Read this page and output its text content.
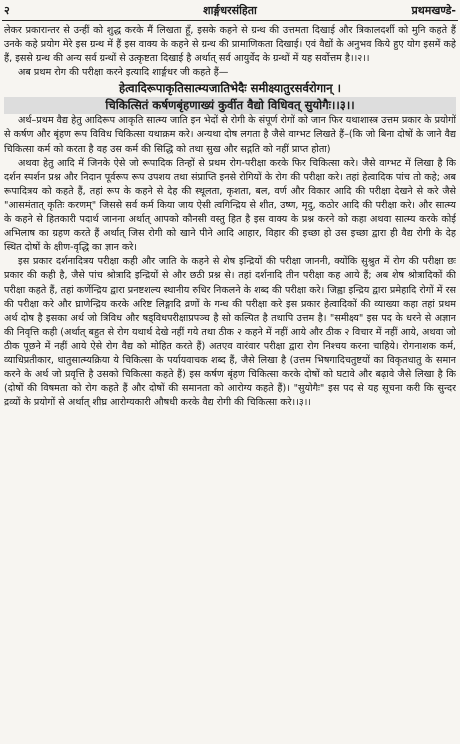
२	शार्ङ्गधरसंहिता	प्रथमखण्डे-

लेकर प्रकारान्तर से उन्हीं को शुद्ध करके मैं लिखता हूँ, इसके कहने से ग्रन्थ की उत्तमता दिखाई और त्रिकालदर्शी को मुनि कहते हैं उनके कहे प्रयोग मेरे इस ग्रन्थ में हैं इस वाक्य के कहने से ग्रन्थ की प्रामाणिकता दिखाई। एवं वैद्यों के अनुभव किये हुए योग इसमें कहे हैं, इससे ग्रन्थ की अन्य सर्व ग्रन्थों से उत्कृष्टता दिखाई है अर्थात् सर्व आयुर्वेद के ग्रन्थों में यह सर्वोत्तम है।।२।।

अब प्रथम रोग की परीक्षा करने इत्यादि शार्ङ्गधर जी कहते हैं—

हेत्वादिरूपाकृतिसात्म्यजातिभेदैः समीक्ष्यातुरसर्वरोगान् ।
चिकित्सितं कर्षणबृंहणाख्यं कुर्वीत वैद्यो विधिवत् सुयोगैः।।३।।

अर्थ–प्रथम वैद्य हेतु आदिरूप आकृति सात्म्य जाति इन भेदों से रोगी के संपूर्ण रोगों को जान फिर यथाशास्त्र उत्तम प्रकार के प्रयोगों से कर्षण और बृंहण रूप विविध चिकित्सा यथाक्रम करे। अन्यथा दोष लगता है जैसे वाग्भट लिखते हैं–(कि जो बिना दोषों के जाने वैद्य चिकित्सा कर्म को करता है वह उस कर्म की सिद्धि को तथा सुख और सद्गति को नहीं प्राप्त होता)

अथवा हेतु आदि में जिनके ऐसे जो रूपादिक तिन्हों से प्रथम रोग-परीक्षा करके फिर चिकित्सा करे। जैसे वाग्भट में लिखा है कि दर्शन स्पर्शन प्रश्न और निदान पूर्वरूप रूप उपशय तथा संप्राप्ति इनसे रोगियों के रोग की परीक्षा करे। तहां हेत्वादिक पांच तो कहे; अब रूपादित्रय को कहते हैं, तहां रूप के कहने से देह की स्थूलता, कृशता, बल, वर्ण और विकार आदि की परीक्षा देखने से करे जैसे "आसमंतात् कृतिः करणम्" जिससे सर्व कर्म किया जाय ऐसी त्वगिन्द्रिय से शीत, उष्ण, मृदु, कठोर आदि की परीक्षा करे। और सात्म्य के कहने से हितकारी पदार्थ जानना अर्थात् आपको कौनसी वस्तु हित है इस वाक्य के प्रश्न करने को कहा अथवा सात्म्य करके कोई अभिलाष का ग्रहण करते हैं अर्थात् जिस रोगी को खाने पीने आदि आहार, विहार की इच्छा हो उस इच्छा द्वारा ही वैद्य रोगी के देह स्थित दोषों के क्षीण-वृद्धि का ज्ञान करे।

इस प्रकार दर्शनादित्रय परीक्षा कही और जाति के कहने से शेष इन्द्रियों की परीक्षा जाननी, क्योंकि सुश्रुत में रोग की परीक्षा छः प्रकार की कही है, जैसे पांच श्रोत्रादि इन्द्रियों से और छठी प्रश्न से। तहां दर्शनादि तीन परीक्षा कह आये हैं; अब शेष श्रोत्रादिकों की परीक्षा कहते हैं, तहां कर्णेन्द्रिय द्वारा प्रनष्टशल्य स्थानीय रुधिर निकलने के शब्द की परीक्षा करे। जिह्वा इन्द्रिय द्वारा प्रमेहादि रोगों में रस की परीक्षा करे और घ्राणेन्द्रिय करके अरिष्ट लिङ्गादि व्रणों के गन्ध की परीक्षा करे इस प्रकार हेत्वादिकों की व्याख्या कहा तहां प्रथम अर्थ दोष है इसका अर्थ जो त्रिविध और षड्विधपरीक्षाप्रपञ्च है सो कल्पित है तथापि उत्तम है। "समीक्ष्य" इस पद के धरने से अज्ञान की निवृत्ति कही (अर्थात् बहुत से रोग यथार्थ देखे नहीं गये तथा ठीक २ कहने में नहीं आये और ठीक २ विचार में नहीं आये, अथवा जो ठीक पूछने में नहीं आये ऐसे रोग वैद्य को मोहित करते हैं) अतएव वारंवार परीक्षा द्वारा रोग निश्चय करना चाहिये। रोगनाशक कर्म, व्याधिप्रतीकार, धातुसात्म्यक्रिया ये चिकित्सा के पर्यायवाचक शब्द हैं, जैसे लिखा है (उत्तम भिषगादिचतुष्टयों का विकृतधातु के समान करने के अर्थ जो प्रवृत्ति है उसको चिकित्सा कहते हैं) इस कर्षण बृंहण चिकित्सा करके दोषों को घटावे और बढ़ावे जैसे लिखा है कि (दोषों की विषमता को रोग कहते हैं और दोषों की समानता को आरोग्य कहते हैं)। "सुयोगैः" इस पद से यह सूचना करी कि सुन्दर द्रव्यों के प्रयोगों से अर्थात् शीघ्र आरोग्यकारी औषधी करके वैद्य रोगी की चिकित्सा करे।।३।।
